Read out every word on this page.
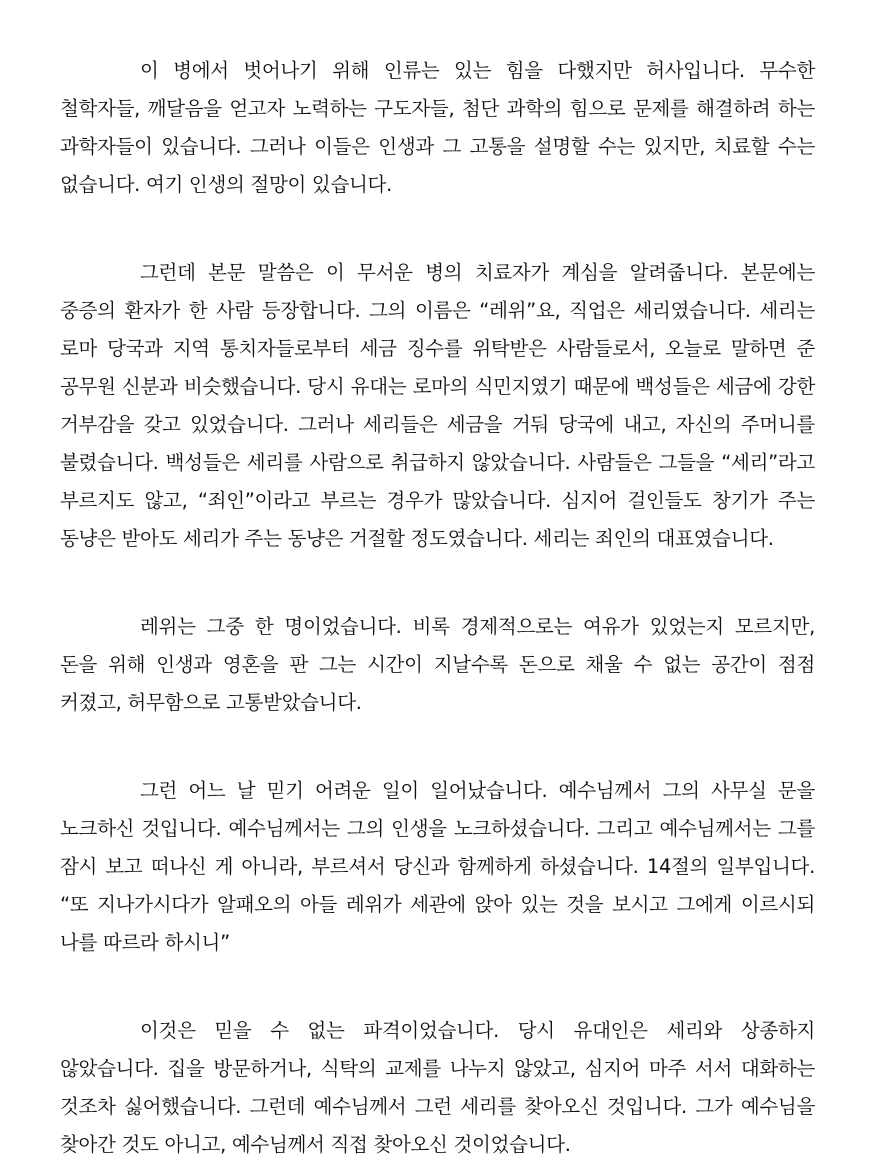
이 병에서 벗어나기 위해 인류는 있는 힘을 다했지만 허사입니다. 무수한 철학자들, 깨달음을 얻고자 노력하는 구도자들, 첨단 과학의 힘으로 문제를 해결하려 하는 과학자들이 있습니다. 그러나 이들은 인생과 그 고통을 설명할 수는 있지만, 치료할 수는 없습니다. 여기 인생의 절망이 있습니다.

그런데 본문 말씀은 이 무서운 병의 치료자가 계심을 알려줍니다. 본문에는 중증의 환자가 한 사람 등장합니다. 그의 이름은 “레위”요, 직업은 세리였습니다. 세리는 로마 당국과 지역 통치자들로부터 세금 징수를 위탁받은 사람들로서, 오늘로 말하면 준 공무원 신분과 비슷했습니다. 당시 유대는 로마의 식민지였기 때문에 백성들은 세금에 강한 거부감을 갖고 있었습니다. 그러나 세리들은 세금을 거둬 당국에 내고, 자신의 주머니를 불렸습니다. 백성들은 세리를 사람으로 취급하지 않았습니다. 사람들은 그들을 “세리”라고 부르지도 않고, “죄인”이라고 부르는 경우가 많았습니다. 심지어 걸인들도 창기가 주는 동냥은 받아도 세리가 주는 동냥은 거절할 정도였습니다. 세리는 죄인의 대표였습니다.

레위는 그중 한 명이었습니다. 비록 경제적으로는 여유가 있었는지 모르지만, 돈을 위해 인생과 영혼을 판 그는 시간이 지날수록 돈으로 채울 수 없는 공간이 점점 커졌고, 허무함으로 고통받았습니다.

그런 어느 날 믿기 어려운 일이 일어났습니다. 예수님께서 그의 사무실 문을 노크하신 것입니다. 예수님께서는 그의 인생을 노크하셨습니다. 그리고 예수님께서는 그를 잠시 보고 떠나신 게 아니라, 부르셔서 당신과 함께하게 하셨습니다. 14절의 일부입니다. “또 지나가시다가 알패오의 아들 레위가 세관에 앉아 있는 것을 보시고 그에게 이르시되 나를 따르라 하시니”

이것은 믿을 수 없는 파격이었습니다. 당시 유대인은 세리와 상종하지 않았습니다. 집을 방문하거나, 식탁의 교제를 나누지 않았고, 심지어 마주 서서 대화하는 것조차 싫어했습니다. 그런데 예수님께서 그런 세리를 찾아오신 것입니다. 그가 예수님을 찾아간 것도 아니고, 예수님께서 직접 찾아오신 것이었습니다.
